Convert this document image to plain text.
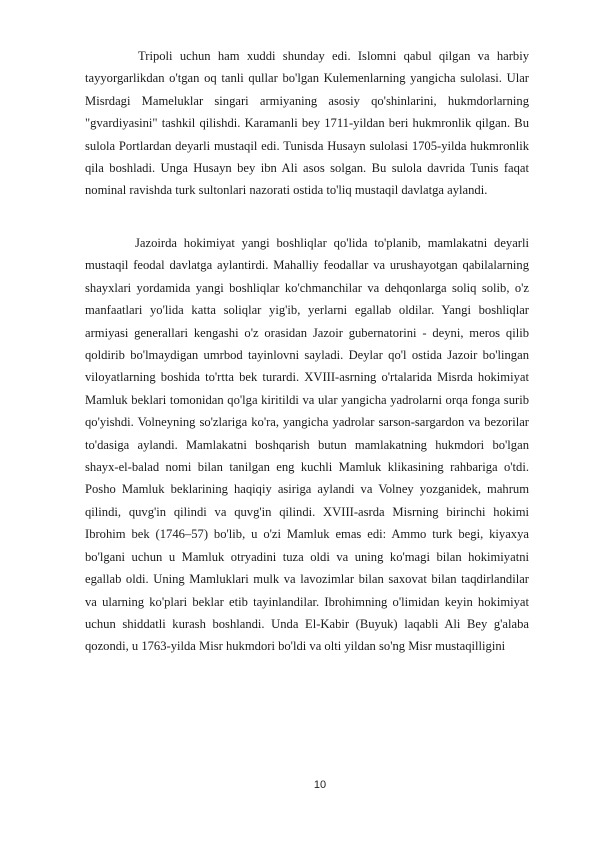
Tripoli uchun ham xuddi shunday edi. Islomni qabul qilgan va harbiy tayyorgarlikdan o'tgan oq tanli qullar bo'lgan Kulemenlarning yangicha sulolasi. Ular Misrdagi Mameluklar singari armiyaning asosiy qo'shinlarini, hukmdorlarning "gvardiyasini" tashkil qilishdi. Karamanli bey 1711-yildan beri hukmronlik qilgan. Bu sulola Portlardan deyarli mustaqil edi. Tunisda Husayn sulolasi 1705-yilda hukmronlik qila boshladi. Unga Husayn bey ibn Ali asos solgan. Bu sulola davrida Tunis faqat nominal ravishda turk sultonlari nazorati ostida to'liq mustaqil davlatga aylandi.

Jazoirda hokimiyat yangi boshliqlar qo'lida to'planib, mamlakatni deyarli mustaqil feodal davlatga aylantirdi. Mahalliy feodallar va urushayotgan qabilalarning shayxlari yordamida yangi boshliqlar ko'chmanchilar va dehqonlarga soliq solib, o'z manfaatlari yo'lida katta soliqlar yig'ib, yerlarni egallab oldilar. Yangi boshliqlar armiyasi generallari kengashi o'z orasidan Jazoir gubernatorini - deyni, meros qilib qoldirib bo'lmaydigan umrbod tayinlovni sayladi. Deylar qo'l ostida Jazoir bo'lingan viloyatlarning boshida to'rtta bek turardi. XVIII-asrning o'rtalarida Misrda hokimiyat Mamluk beklari tomonidan qo'lga kiritildi va ular yangicha yadrolarni orqa fonga surib qo'yishdi. Volneyning so'zlariga ko'ra, yangicha yadrolar sarson-sargardon va bezorilar to'dasiga aylandi. Mamlakatni boshqarish butun mamlakatning hukmdori bo'lgan shayx-el-balad nomi bilan tanilgan eng kuchli Mamluk klikasining rahbariga o'tdi. Posho Mamluk beklarining haqiqiy asiriga aylandi va Volney yozganidek, mahrum qilindi, quvg'in qilindi va quvg'in qilindi. XVIII-asrda Misrning birinchi hokimi Ibrohim bek (1746–57) bo'lib, u o'zi Mamluk emas edi: Ammo turk begi, kiyaxya bo'lgani uchun u Mamluk otryadini tuza oldi va uning ko'magi bilan hokimiyatni egallab oldi. Uning Mamluklari mulk va lavozimlar bilan saxovat bilan taqdirlandilar va ularning ko'plari beklar etib tayinlandilar. Ibrohimning o'limidan keyin hokimiyat uchun shiddatli kurash boshlandi. Unda El-Kabir (Buyuk) laqabli Ali Bey g'alaba qozondi, u 1763-yilda Misr hukmdori bo'ldi va olti yildan so'ng Misr mustaqilligini

10
